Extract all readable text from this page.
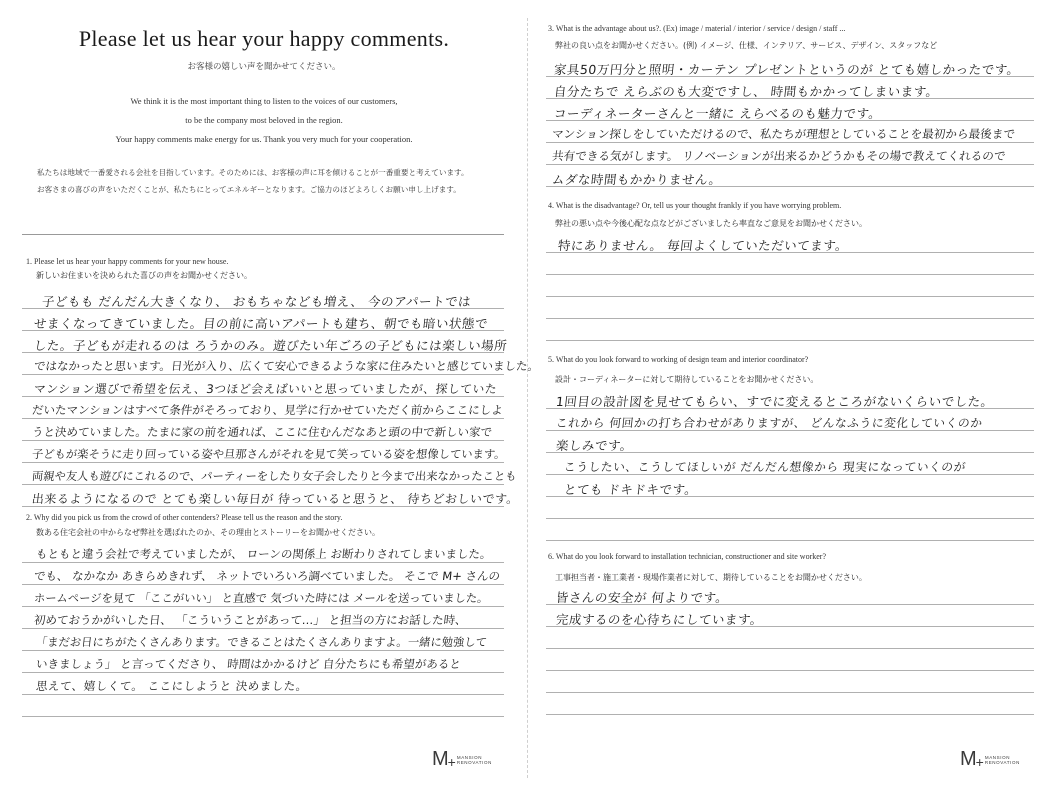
Please let us hear your happy comments.
お客様の嬉しい声を聞かせてください。
We think it is the most important thing to listen to the voices of our customers,
to be the company most beloved in the region.
Your happy comments make energy for us. Thank you very much for your cooperation.
私たちは地域で一番愛される会社を目指しています。そのためには、お客様の声に耳を傾けることが一番重要と考えています。
お客さまの喜びの声をいただくことが、私たちにとってエネルギーとなります。ご協力のほどよろしくお願い申し上げます。
1. Please let us hear your happy comments for your new house.
新しいお住まいを決められた喜びの声をお聞かせください。
子どもも だんだん大きくなり、 おもちゃなども増え、 今のアパートでは
せまくなってきていました。目の前に高いアパートも建ち、朝でも暗い状態で
した。子どもが走れるのは ろうかのみ。遊びたい年ごろの子どもには楽しい場所
ではなかったと思います。日光が入り、広くて安心できるような家に住みたいと感じていました。
マンション選びで希望を伝え、3つほど会えばいいと思っていましたが、探していた
だいたマンションはすべて条件がそろっており、見学に行かせていただく前からここにしよ
うと決めていました。たまに家の前を通れば、ここに住むんだなあと頭の中で新しい家で
子どもが楽そうに走り回っている姿や旦那さんがそれを見て笑っている姿を想像しています。
両親や友人も遊びにこれるので、パーティーをしたり女子会したりと今まで出来なかったことも
出来るようになるので とても楽しい毎日が 待っていると思うと、 待ちどおしいです。
2. Why did you pick us from the crowd of other contenders? Please tell us the reason and the story.
数ある住宅会社の中からなぜ弊社を選ばれたのか、その理由とストーリーをお聞かせください。
もともと違う会社で考えていましたが、 ローンの関係上 お断わりされてしまいました。
でも、 なかなか あきらめきれず、 ネットでいろいろ調べていました。 そこで M+ さんの
ホームページを見て 「ここがいい」 と直感で 気づいた時には メールを送っていました。
初めておうかがいした日、 「こういうことがあって…」 と担当の方にお話した時、
「まだお日にちがたくさんあります。できることはたくさんありますよ。一緒に勉強して
いきましょう」 と言ってくださり、 時間はかかるけど 自分たちにも希望があると
思えて、嬉しくて。 ここにしようと 決めました。
M+ MANSION
RENOVATION
3. What is the advantage about us?. (Ex) image / material / interior / service / design / staff ...
弊社の良い点をお聞かせください。(例) イメージ、仕様、インテリア、サービス、デザイン、スタッフなど
家具50万円分と照明・カーテン プレゼントというのが とても嬉しかったです。
自分たちで えらぶのも大変ですし、 時間もかかってしまいます。
コーディネーターさんと一緒に えらべるのも魅力です。
マンション探しをしていただけるので、私たちが理想としていることを最初から最後まで
共有できる気がします。 リノベーションが出来るかどうかもその場で教えてくれるので
ムダな時間もかかりません。
4. What is the disadvantage? Or, tell us your thought frankly if you have worrying problem.
弊社の悪い点や今後心配な点などがございましたら率直なご意見をお聞かせください。
特にありません。 毎回よくしていただいてます。
5. What do you look forward to working of design team and interior coordinator?
設計・コーディネーターに対して期待していることをお聞かせください。
1回目の設計図を見せてもらい、すでに変えるところがないくらいでした。
これから 何回かの打ち合わせがありますが、 どんなふうに変化していくのか
楽しみです。
こうしたい、こうしてほしいが だんだん想像から 現実になっていくのが
とても ドキドキです。
6. What do you look forward to installation technician, constructioner and site worker?
工事担当者・施工業者・現場作業者に対して、期待していることをお聞かせください。
皆さんの安全が 何よりです。
完成するのを心待ちにしています。
M+ MANSION
RENOVATION
